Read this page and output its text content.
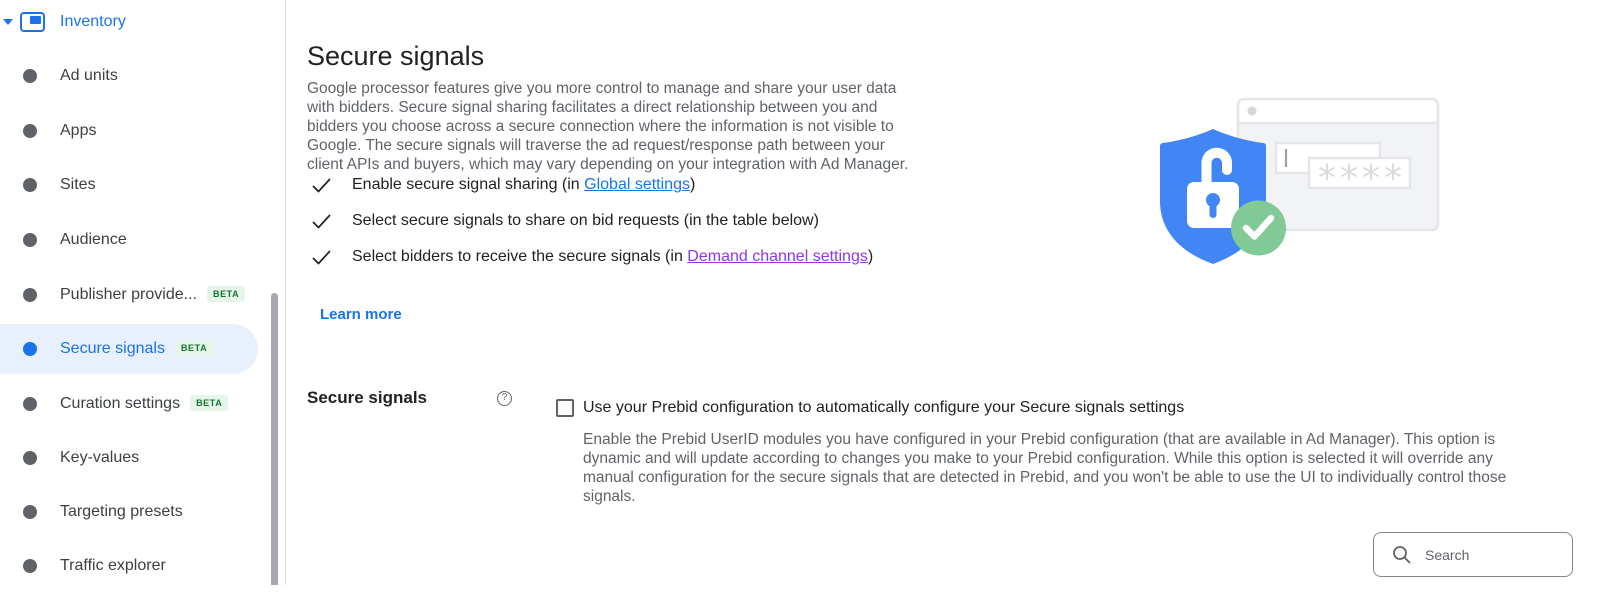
Inventory
Ad units
Apps
Sites
Audience
Publisher provide... BETA
Secure signals BETA
Curation settings BETA
Key-values
Targeting presets
Traffic explorer
Secure signals

Google processor features give you more control to manage and share your user data with bidders. Secure signal sharing facilitates a direct relationship between you and bidders you choose across a secure connection where the information is not visible to Google. The secure signals will traverse the ad request/response path between your client APIs and buyers, which may vary depending on your integration with Ad Manager.

Enable secure signal sharing (in Global settings)
Select secure signals to share on bid requests (in the table below)
Select bidders to receive the secure signals (in Demand channel settings)
Learn more
Secure signals	?
Use your Prebid configuration to automatically configure your Secure signals settings
Enable the Prebid UserID modules you have configured in your Prebid configuration (that are available in Ad Manager). This option is dynamic and will update according to changes you make to your Prebid configuration. While this option is selected it will override any manual configuration for the secure signals that are detected in Prebid, and you won't be able to use the UI to individually control those signals.
Search
****
